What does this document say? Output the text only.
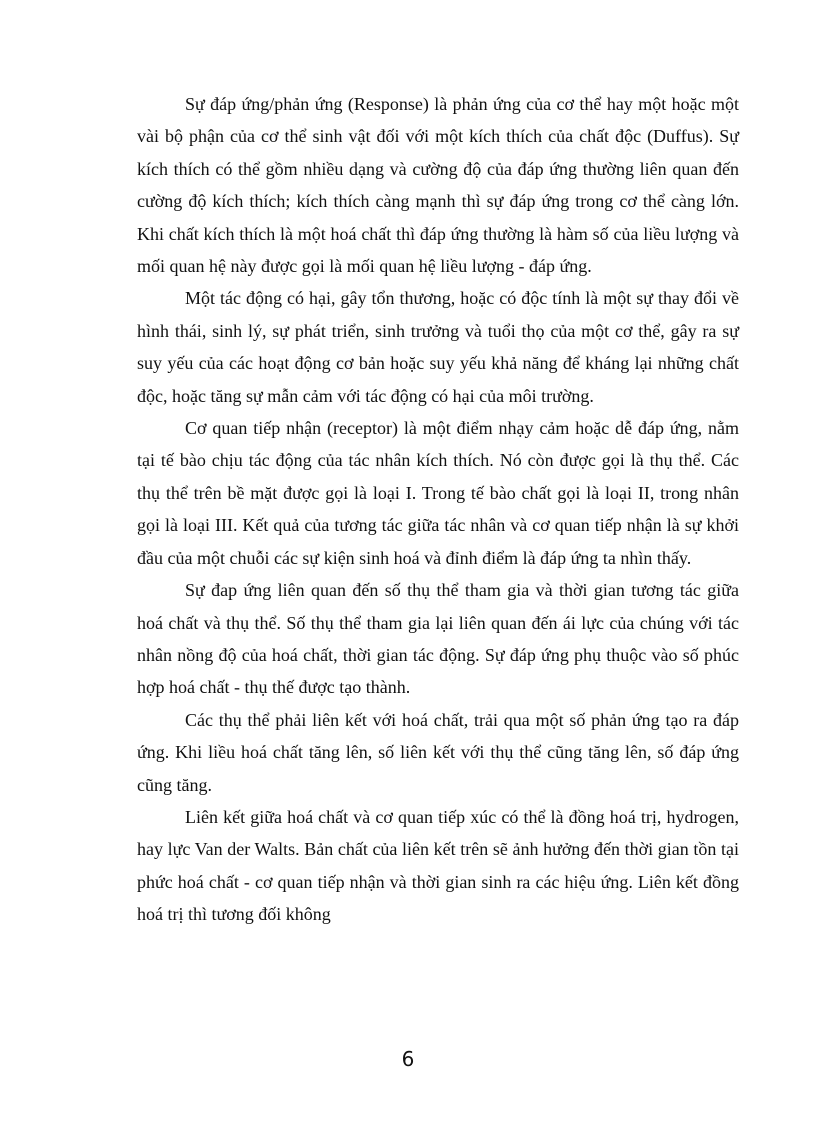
Sự đáp ứng/phản ứng (Response) là phản ứng của cơ thể hay một hoặc một vài bộ phận của cơ thể sinh vật đối với một kích thích của chất độc (Duffus). Sự kích thích có thể gồm nhiều dạng và cường độ của đáp ứng thường liên quan đến cường độ kích thích; kích thích càng mạnh thì sự đáp ứng trong cơ thể càng lớn. Khi chất kích thích là một hoá chất thì đáp ứng thường là hàm số của liều lượng và mối quan hệ này được gọi là mối quan hệ liều lượng - đáp ứng.

Một tác động có hại, gây tổn thương, hoặc có độc tính là một sự thay đổi về hình thái, sinh lý, sự phát triển, sinh trưởng và tuổi thọ của một cơ thể, gây ra sự suy yếu của các hoạt động cơ bản hoặc suy yếu khả năng để kháng lại những chất độc, hoặc tăng sự mẫn cảm với tác động có hại của môi trường.

Cơ quan tiếp nhận (receptor) là một điểm nhạy cảm hoặc dễ đáp ứng, nằm tại tế bào chịu tác động của tác nhân kích thích. Nó còn được gọi là thụ thể. Các thụ thể trên bề mặt được gọi là loại I. Trong tế bào chất gọi là loại II, trong nhân gọi là loại III. Kết quả của tương tác giữa tác nhân và cơ quan tiếp nhận là sự khởi đầu của một chuỗi các sự kiện sinh hoá và đỉnh điểm là đáp ứng ta nhìn thấy.

Sự đap ứng liên quan đến số thụ thể tham gia và thời gian tương tác giữa hoá chất và thụ thể. Số thụ thể tham gia lại liên quan đến ái lực của chúng với tác nhân nồng độ của hoá chất, thời gian tác động. Sự đáp ứng phụ thuộc vào số phúc hợp hoá chất - thụ thế được tạo thành.

Các thụ thể phải liên kết với hoá chất, trải qua một số phản ứng tạo ra đáp ứng. Khi liều hoá chất tăng lên, số liên kết với thụ thể cũng tăng lên, số đáp ứng cũng tăng.

Liên kết giữa hoá chất và cơ quan tiếp xúc có thể là đồng hoá trị, hydrogen, hay lực Van der Walts. Bản chất của liên kết trên sẽ ảnh hưởng đến thời gian tồn tại phức hoá chất - cơ quan tiếp nhận và thời gian sinh ra các hiệu ứng. Liên kết đồng hoá trị thì tương đối không

6
